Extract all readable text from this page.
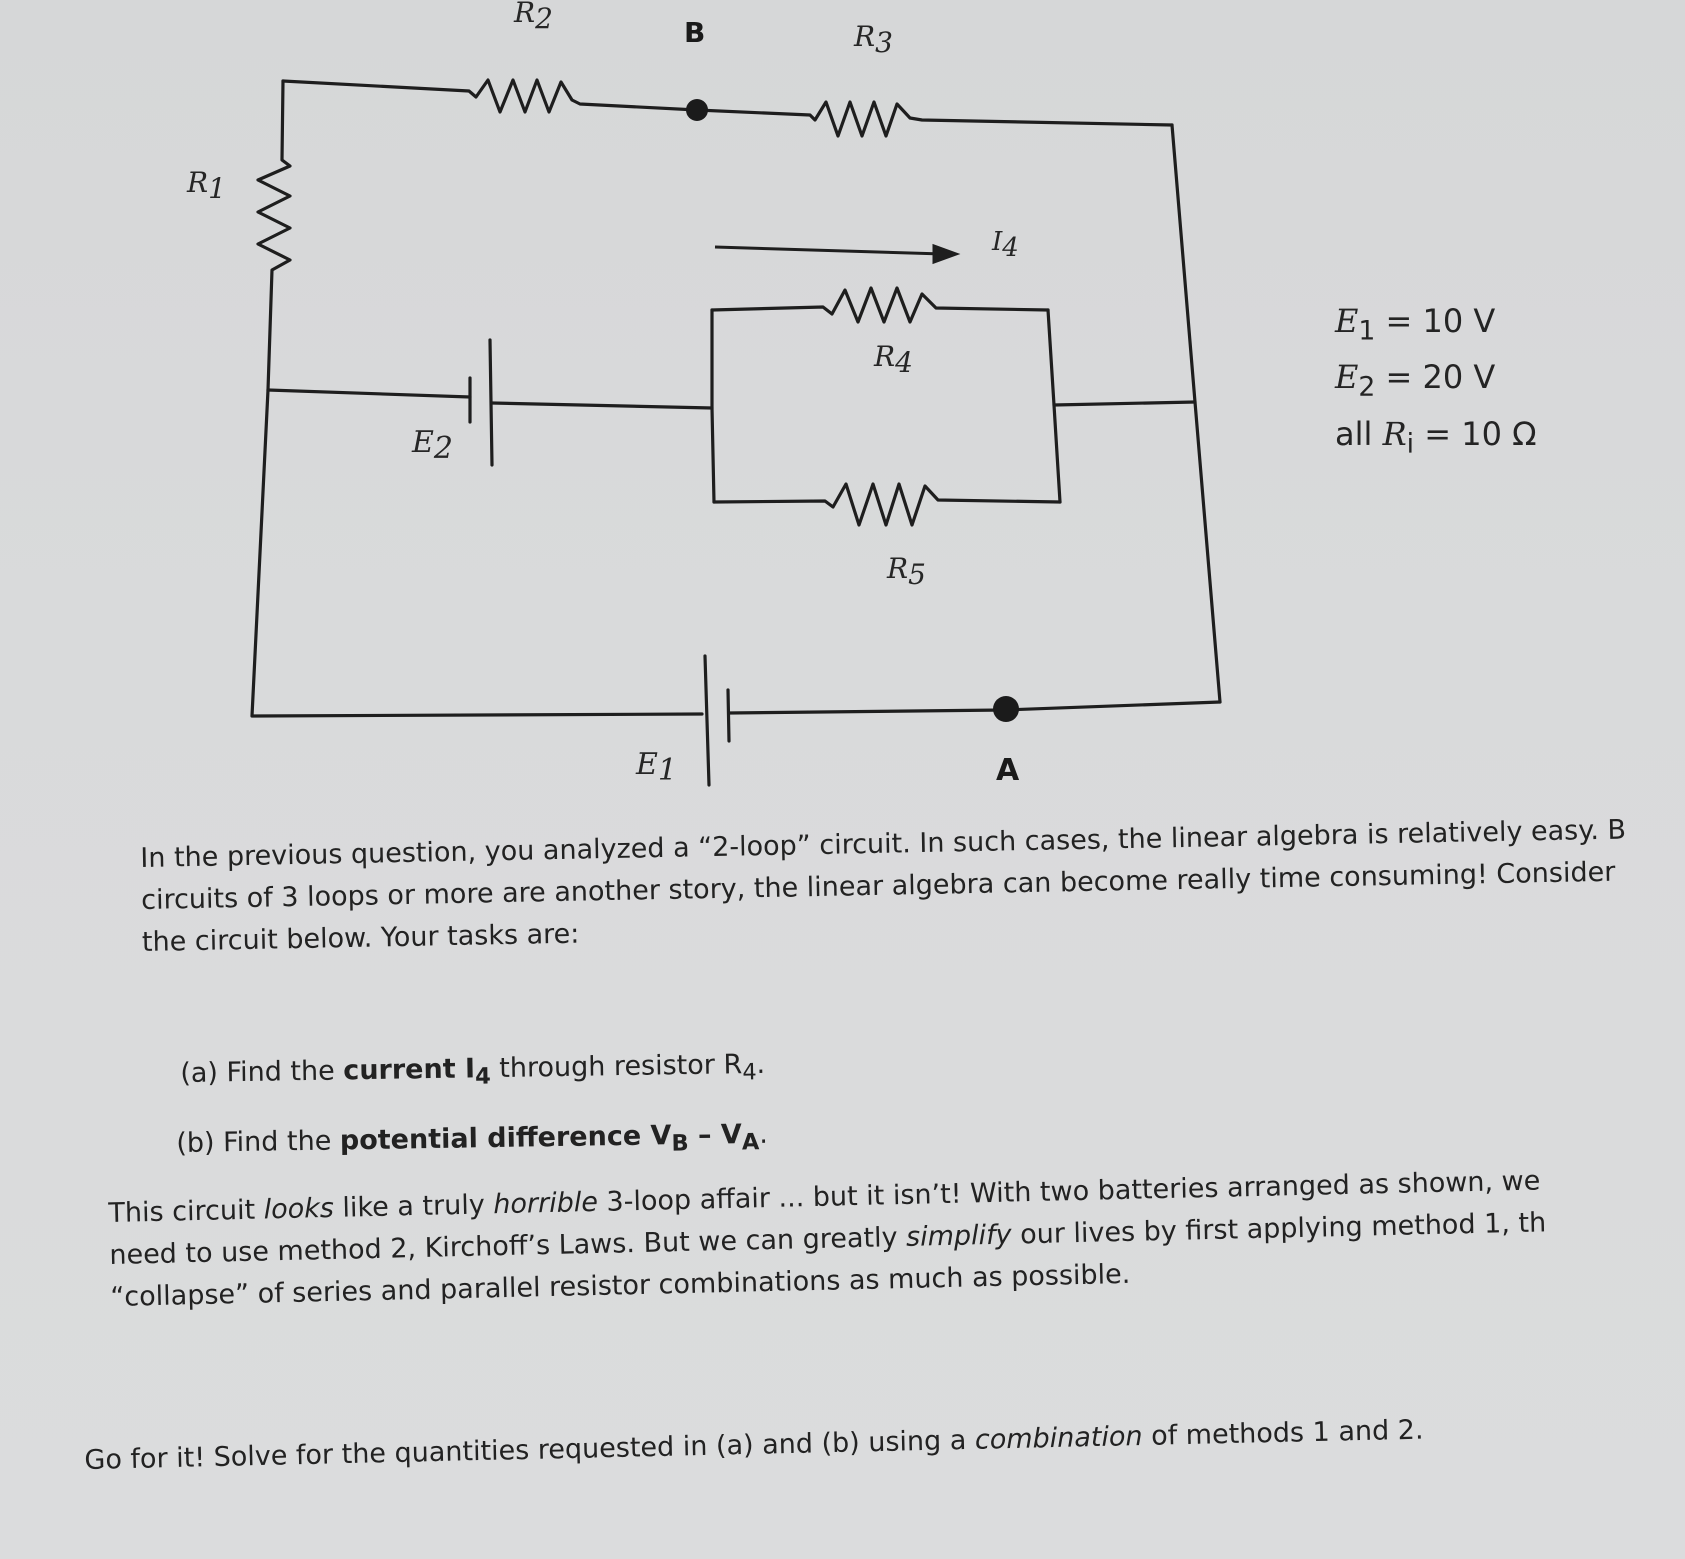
R2	B	R3
R1
I4
R4
E2
R5
E1	A
$E_1 = 10$ V
$E_2 = 20$ V
all $R_i = 10$ Ω
In the previous question, you analyzed a “2-loop” circuit. In such cases, the linear algebra is relatively easy. B
circuits of 3 loops or more are another story, the linear algebra can become really time consuming! Consider
the circuit below. Your tasks are:
(a) Find the current $I_4$ through resistor $R_4$.
(b) Find the potential difference $V_B - V_A$.
This circuit looks like a truly horrible 3-loop affair ... but it isn’t! With two batteries arranged as shown, we
need to use method 2, Kirchoff’s Laws. But we can greatly simplify our lives by first applying method 1, th
“collapse” of series and parallel resistor combinations as much as possible.
Go for it! Solve for the quantities requested in (a) and (b) using a combination of methods 1 and 2.
